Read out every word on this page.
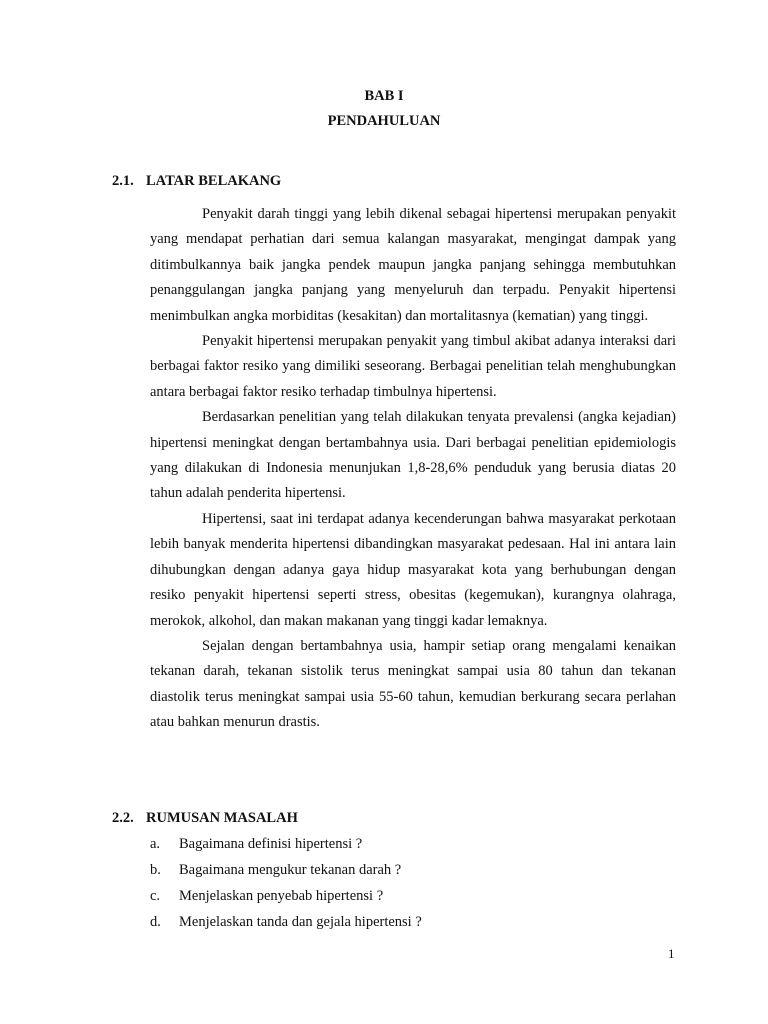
BAB I
PENDAHULUAN
2.1. LATAR BELAKANG

Penyakit darah tinggi yang lebih dikenal sebagai hipertensi merupakan penyakit yang mendapat perhatian dari semua kalangan masyarakat, mengingat dampak yang ditimbulkannya baik jangka pendek maupun jangka panjang sehingga membutuhkan penanggulangan jangka panjang yang menyeluruh dan terpadu. Penyakit hipertensi menimbulkan angka morbiditas (kesakitan) dan mortalitasnya (kematian) yang tinggi.

Penyakit hipertensi merupakan penyakit yang timbul akibat adanya interaksi dari berbagai faktor resiko yang dimiliki seseorang. Berbagai penelitian telah menghubungkan antara berbagai faktor resiko terhadap timbulnya hipertensi.

Berdasarkan penelitian yang telah dilakukan tenyata prevalensi (angka kejadian) hipertensi meningkat dengan bertambahnya usia. Dari berbagai penelitian epidemiologis yang dilakukan di Indonesia menunjukan 1,8-28,6% penduduk yang berusia diatas 20 tahun adalah penderita hipertensi.

Hipertensi, saat ini terdapat adanya kecenderungan bahwa masyarakat perkotaan lebih banyak menderita hipertensi dibandingkan masyarakat pedesaan. Hal ini antara lain dihubungkan dengan adanya gaya hidup masyarakat kota yang berhubungan dengan resiko penyakit hipertensi seperti stress, obesitas (kegemukan), kurangnya olahraga, merokok, alkohol, dan makan makanan yang tinggi kadar lemaknya.

Sejalan dengan bertambahnya usia, hampir setiap orang mengalami kenaikan tekanan darah, tekanan sistolik terus meningkat sampai usia 80 tahun dan tekanan diastolik terus meningkat sampai usia 55-60 tahun, kemudian berkurang secara perlahan atau bahkan menurun drastis.

2.2. RUMUSAN MASALAH
a. Bagaimana definisi hipertensi ?
b. Bagaimana mengukur tekanan darah ?
c. Menjelaskan penyebab hipertensi ?
d. Menjelaskan tanda dan gejala hipertensi ?
1
